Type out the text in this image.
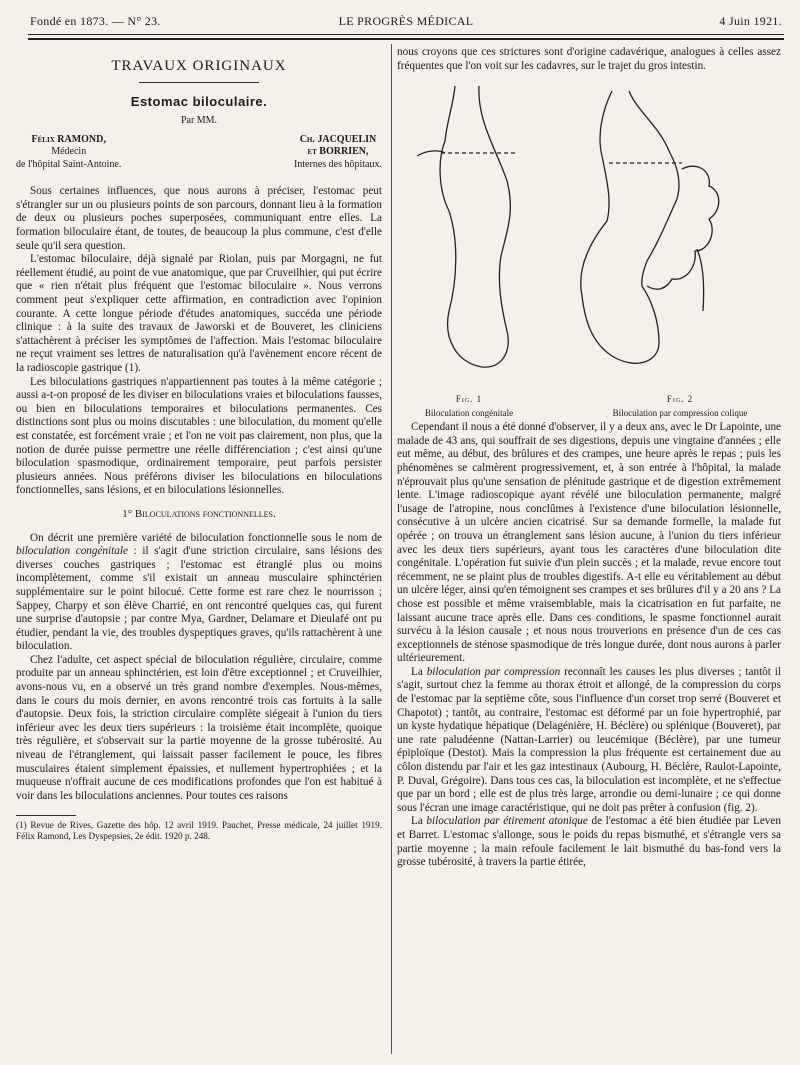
Fondé en 1873. — N° 23.	LE PROGRÈS MÉDICAL	4 Juin 1921.
TRAVAUX ORIGINAUX
Estomac biloculaire.
Par MM.
Félix RAMOND,
Médecin
de l'hôpital Saint-Antoine.
Ch. JACQUELIN
et BORRIEN,
Internes des hôpitaux.

Sous certaines influences, que nous aurons à préciser, l'estomac peut s'étrangler sur un ou plusieurs points de son parcours, donnant lieu à la formation de deux ou plusieurs poches superposées, communiquant entre elles. La formation biloculaire étant, de toutes, de beaucoup la plus commune, c'est d'elle seule qu'il sera question.

L'estomac biloculaire, déjà signalé par Riolan, puis par Morgagni, ne fut réellement étudié, au point de vue anatomique, que par Cruveilhier, qui put écrire que « rien n'était plus fréquent que l'estomac biloculaire ». Nous verrons comment peut s'expliquer cette affirmation, en contradiction avec l'opinion courante. A cette longue période d'études anatomiques, succéda une période clinique : à la suite des travaux de Jaworski et de Bouveret, les cliniciens s'attachèrent à préciser les symptômes de l'affection. Mais l'estomac biloculaire ne reçut vraiment ses lettres de naturalisation qu'à l'avènement encore récent de la radioscopie gastrique (1).

Les biloculations gastriques n'appartiennent pas toutes à la même catégorie ; aussi a-t-on proposé de les diviser en biloculations vraies et biloculations fausses, ou bien en biloculations temporaires et biloculations permanentes. Ces distinctions sont plus ou moins discutables : une biloculation, du moment qu'elle est constatée, est forcément vraie ; et l'on ne voit pas clairement, non plus, que la notion de durée puisse permettre une réelle différenciation ; c'est ainsi qu'une biloculation spasmodique, ordinairement temporaire, peut parfois persister plusieurs années. Nous préférons diviser les biloculations en biloculations fonctionnelles, sans lésions, et en biloculations lésionnelles.

1° Biloculations fonctionnelles.

On décrit une première variété de biloculation fonctionnelle sous le nom de biloculation congénitale : il s'agit d'une striction circulaire, sans lésions des diverses couches gastriques ; l'estomac est étranglé plus ou moins incomplètement, comme s'il existait un anneau musculaire sphinctérien supplémentaire sur le point bilocué. Cette forme est rare chez le nourrisson ; Sappey, Charpy et son élève Charrié, en ont rencontré quelques cas, qui furent une surprise d'autopsie ; par contre Mya, Gardner, Delamare et Dieulafé ont pu étudier, pendant la vie, des troubles dyspeptiques graves, qu'ils rattachèrent à une biloculation.

Chez l'adulte, cet aspect spécial de biloculation régulière, circulaire, comme produite par un anneau sphinctérien, est loin d'être exceptionnel ; et Cruveilhier, avons-nous vu, en a observé un très grand nombre d'exemples. Nous-mêmes, dans le cours du mois dernier, en avons rencontré trois cas fortuits à la salle d'autopsie. Deux fois, la striction circulaire complète siégeait à l'union du tiers inférieur avec les deux tiers supérieurs : la troisième était incomplète, quoique très régulière, et s'observait sur la partie moyenne de la grosse tubérosité. Au niveau de l'étranglement, qui laissait passer facilement le pouce, les fibres musculaires étaient simplement épaissies, et nullement hypertrophiées ; et la muqueuse n'offrait aucune de ces modifications profondes que l'on est habitué à voir dans les biloculations anciennes. Pour toutes ces raisons

(1) Revue de Rives, Gazette des hôp. 12 avril 1919. Pauchet, Presse médicale, 24 juillet 1919. Félix Ramond, Les Dyspepsies, 2e édit. 1920 p. 248.

nous croyons que ces strictures sont d'origine cadavérique, analogues à celles assez fréquentes que l'on voit sur les cadavres, sur le trajet du gros intestin.

Fig. 1
Biloculation congénitale
Fig. 2
Biloculation par compression colique

Cependant il nous a été donné d'observer, il y a deux ans, avec le Dr Lapointe, une malade de 43 ans, qui souffrait de ses digestions, depuis une vingtaine d'années ; elle eut même, au début, des brûlures et des crampes, une heure après le repas ; puis les phénomènes se calmèrent progressivement, et, à son entrée à l'hôpital, la malade n'éprouvait plus qu'une sensation de plénitude gastrique et de digestion extrêmement lente. L'image radioscopique ayant révélé une biloculation permanente, malgré l'usage de l'atropine, nous conclûmes à l'existence d'une biloculation lésionnelle, consécutive à un ulcère ancien cicatrisé. Sur sa demande formelle, la malade fut opérée ; on trouva un étranglement sans lésion aucune, à l'union du tiers inférieur avec les deux tiers supérieurs, ayant tous les caractères d'une biloculation dite congénitale. L'opération fut suivie d'un plein succès ; et la malade, revue encore tout récemment, ne se plaint plus de troubles digestifs. A-t elle eu véritablement au début un ulcère léger, ainsi qu'en témoignent ses crampes et ses brûlures d'il y a 20 ans ? La chose est possible et même vraisemblable, mais la cicatrisation en fut parfaite, ne laissant aucune trace après elle. Dans ces conditions, le spasme fonctionnel aurait survécu à la lésion causale ; et nous nous trouverions en présence d'un de ces cas exceptionnels de sténose spasmodique de très longue durée, dont nous aurons à parler ultérieurement.

La biloculation par compression reconnaît les causes les plus diverses ; tantôt il s'agit, surtout chez la femme au thorax étroit et allongé, de la compression du corps de l'estomac par la septième côte, sous l'influence d'un corset trop serré (Bouveret et Chapotot) ; tantôt, au contraire, l'estomac est déformé par un foie hypertrophié, par un kyste hydatique hépatique (Delagénière, H. Béclère) ou splénique (Bouveret), par une rate paludéenne (Nattan-Larrier) ou leucémique (Béclère), par une tumeur épiploïque (Destot). Mais la compression la plus fréquente est certainement due au côlon distendu par l'air et les gaz intestinaux (Aubourg, H. Béclère, Raulot-Lapointe, P. Duval, Grégoire). Dans tous ces cas, la biloculation est incomplète, et ne s'effectue que par un bord ; elle est de plus très large, arrondie ou demi-lunaire ; ce qui donne sous l'écran une image caractéristique, qui ne doit pas prêter à confusion (fig. 2).

La biloculation par étirement atonique de l'estomac a été bien étudiée par Leven et Barret. L'estomac s'allonge, sous le poids du repas bismuthé, et s'étrangle vers sa partie moyenne ; la main refoule facilement le lait bismuthé du bas-fond vers la grosse tubérosité, à travers la partie étirée,
